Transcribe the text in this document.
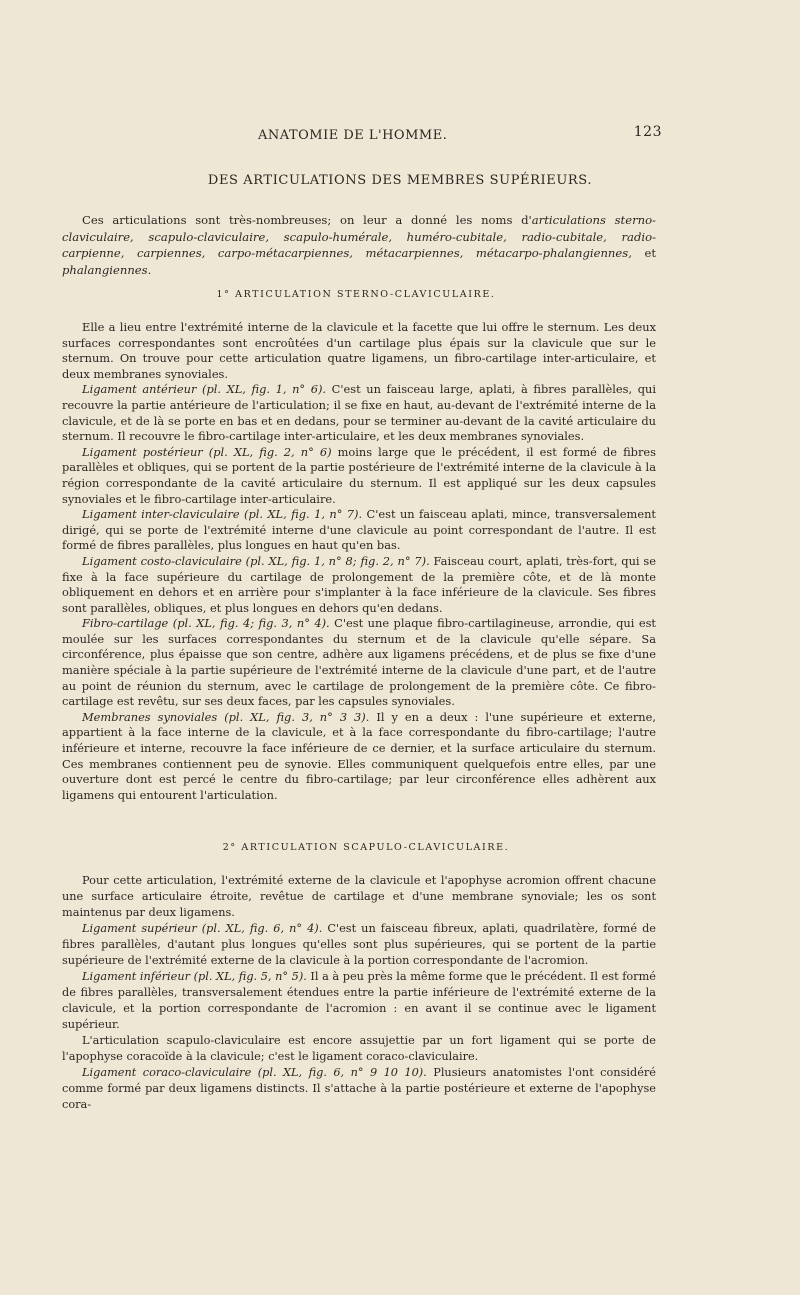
ANATOMIE DE L'HOMME.	123
DES ARTICULATIONS DES MEMBRES SUPÉRIEURS.

Ces articulations sont très-nombreuses; on leur a donné les noms d'articulations sterno-claviculaire, scapulo-claviculaire, scapulo-humérale, huméro-cubitale, radio-cubitale, radio-carpienne, carpiennes, carpo-métacarpiennes, métacarpiennes, métacarpo-phalangiennes, et phalangiennes.

1° ARTICULATION STERNO-CLAVICULAIRE.

Elle a lieu entre l'extrémité interne de la clavicule et la facette que lui offre le sternum. Les deux surfaces correspondantes sont encroûtées d'un cartilage plus épais sur la clavicule que sur le sternum. On trouve pour cette articulation quatre ligamens, un fibro-cartilage inter-articulaire, et deux membranes synoviales.

Ligament antérieur (pl. XL, fig. 1, n° 6). C'est un faisceau large, aplati, à fibres parallèles, qui recouvre la partie antérieure de l'articulation; il se fixe en haut, au-devant de l'extrémité interne de la clavicule, et de là se porte en bas et en dedans, pour se terminer au-devant de la cavité articulaire du sternum. Il recouvre le fibro-cartilage inter-articulaire, et les deux membranes synoviales.

Ligament postérieur (pl. XL, fig. 2, n° 6) moins large que le précédent, il est formé de fibres parallèles et obliques, qui se portent de la partie postérieure de l'extrémité interne de la clavicule à la région correspondante de la cavité articulaire du sternum. Il est appliqué sur les deux capsules synoviales et le fibro-cartilage inter-articulaire.

Ligament inter-claviculaire (pl. XL, fig. 1, n° 7). C'est un faisceau aplati, mince, transversalement dirigé, qui se porte de l'extrémité interne d'une clavicule au point correspondant de l'autre. Il est formé de fibres parallèles, plus longues en haut qu'en bas.

Ligament costo-claviculaire (pl. XL, fig. 1, n° 8; fig. 2, n° 7). Faisceau court, aplati, très-fort, qui se fixe à la face supérieure du cartilage de prolongement de la première côte, et de là monte obliquement en dehors et en arrière pour s'implanter à la face inférieure de la clavicule. Ses fibres sont parallèles, obliques, et plus longues en dehors qu'en dedans.

Fibro-cartilage (pl. XL, fig. 4; fig. 3, n° 4). C'est une plaque fibro-cartilagineuse, arrondie, qui est moulée sur les surfaces correspondantes du sternum et de la clavicule qu'elle sépare. Sa circonférence, plus épaisse que son centre, adhère aux ligamens précédens, et de plus se fixe d'une manière spéciale à la partie supérieure de l'extrémité interne de la clavicule d'une part, et de l'autre au point de réunion du sternum, avec le cartilage de prolongement de la première côte. Ce fibro-cartilage est revêtu, sur ses deux faces, par les capsules synoviales.

Membranes synoviales (pl. XL, fig. 3, n° 3 3). Il y en a deux : l'une supérieure et externe, appartient à la face interne de la clavicule, et à la face correspondante du fibro-cartilage; l'autre inférieure et interne, recouvre la face inférieure de ce dernier, et la surface articulaire du sternum. Ces membranes contiennent peu de synovie. Elles communiquent quelquefois entre elles, par une ouverture dont est percé le centre du fibro-cartilage; par leur circonférence elles adhèrent aux ligamens qui entourent l'articulation.

2° ARTICULATION SCAPULO-CLAVICULAIRE.

Pour cette articulation, l'extrémité externe de la clavicule et l'apophyse acromion offrent chacune une surface articulaire étroite, revêtue de cartilage et d'une membrane synoviale; les os sont maintenus par deux ligamens.

Ligament supérieur (pl. XL, fig. 6, n° 4). C'est un faisceau fibreux, aplati, quadrilatère, formé de fibres parallèles, d'autant plus longues qu'elles sont plus supérieures, qui se portent de la partie supérieure de l'extrémité externe de la clavicule à la portion correspondante de l'acromion.

Ligament inférieur (pl. XL, fig. 5, n° 5). Il a à peu près la même forme que le précédent. Il est formé de fibres parallèles, transversalement étendues entre la partie inférieure de l'extrémité externe de la clavicule, et la portion correspondante de l'acromion : en avant il se continue avec le ligament supérieur.

L'articulation scapulo-claviculaire est encore assujettie par un fort ligament qui se porte de l'apophyse coracoïde à la clavicule; c'est le ligament coraco-claviculaire.

Ligament coraco-claviculaire (pl. XL, fig. 6, n° 9 10 10). Plusieurs anatomistes l'ont considéré comme formé par deux ligamens distincts. Il s'attache à la partie postérieure et externe de l'apophyse cora-
